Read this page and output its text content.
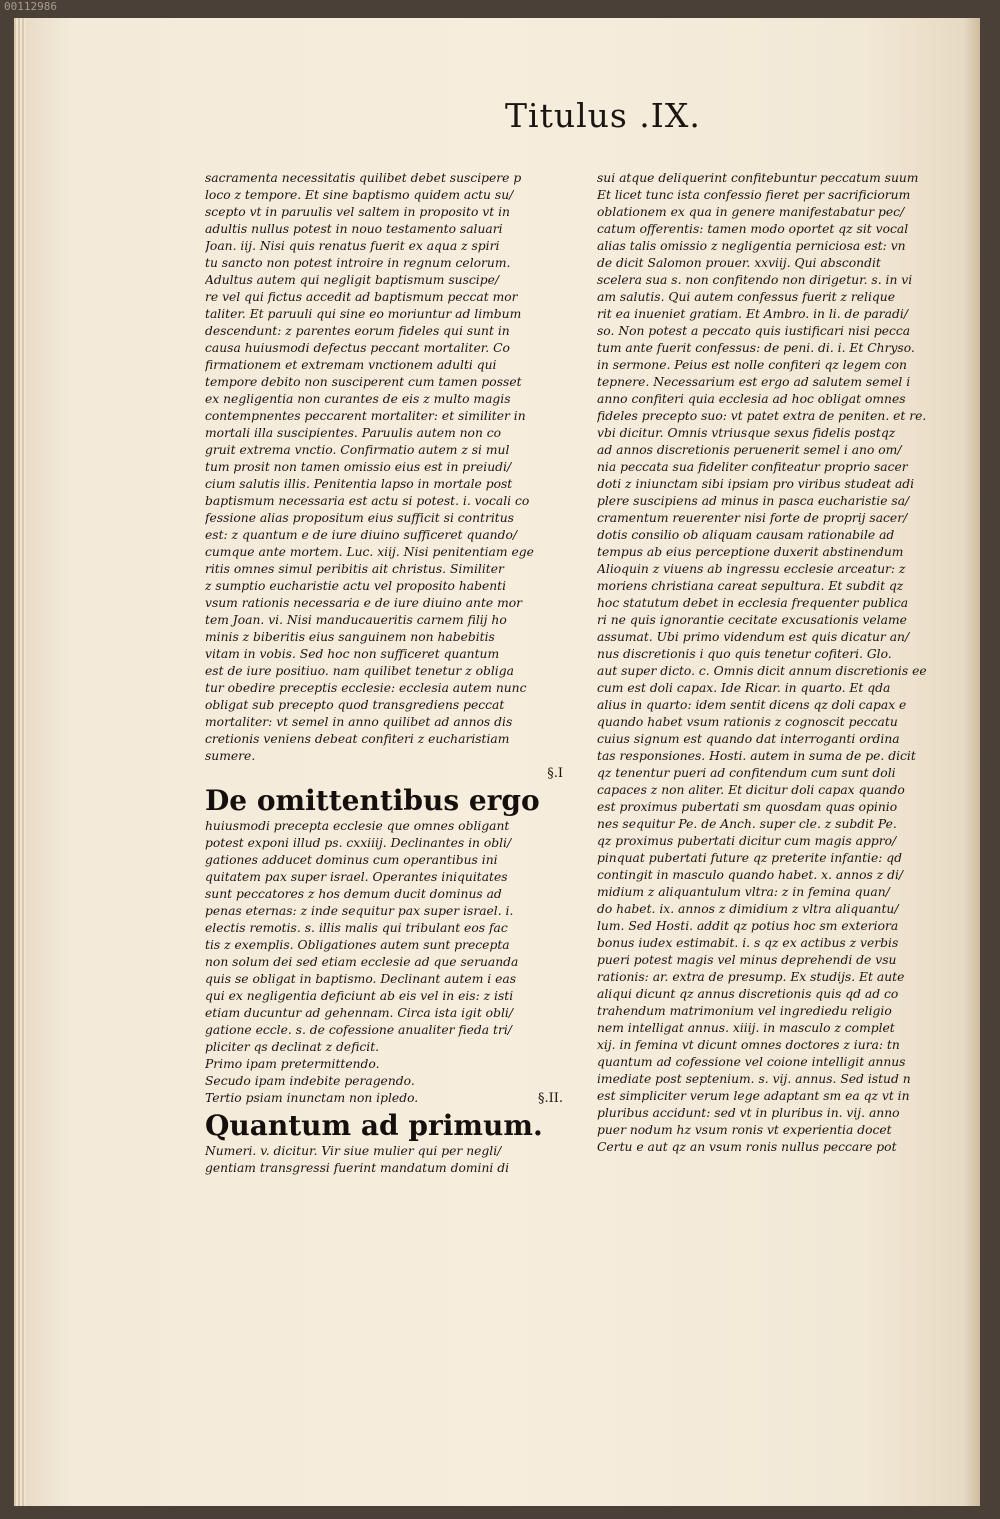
00112986
Titulus .IX.
sacramenta necessitatis quilibet debet suscipere p
loco z tempore. Et sine baptismo quidem actu su/
scepto vt in paruulis vel saltem in proposito vt in
adultis nullus potest in nouo testamento saluari
Joan. iij. Nisi quis renatus fuerit ex aqua z spiri
tu sancto non potest introire in regnum celorum.
Adultus autem qui negligit baptismum suscipe/
re vel qui fictus accedit ad baptismum peccat mor
taliter. Et paruuli qui sine eo moriuntur ad limbum
descendunt: z parentes eorum fideles qui sunt in
causa huiusmodi defectus peccant mortaliter. Co
firmationem et extremam vnctionem adulti qui
tempore debito non susciperent cum tamen posset
ex negligentia non curantes de eis z multo magis
contempnentes peccarent mortaliter: et similiter in
mortali illa suscipientes. Paruulis autem non co
gruit extrema vnctio. Confirmatio autem z si mul
tum prosit non tamen omissio eius est in preiudi/
cium salutis illis. Penitentia lapso in mortale post
baptismum necessaria est actu si potest. i. vocali co
fessione alias propositum eius sufficit si contritus
est: z quantum e de iure diuino sufficeret quando/
cumque ante mortem. Luc. xiij. Nisi penitentiam ege
ritis omnes simul peribitis ait christus. Similiter
z sumptio eucharistie actu vel proposito habenti
vsum rationis necessaria e de iure diuino ante mor
tem Joan. vi. Nisi manducaueritis carnem filij ho
minis z biberitis eius sanguinem non habebitis
vitam in vobis. Sed hoc non sufficeret quantum
est de iure positiuo. nam quilibet tenetur z obliga
tur obedire preceptis ecclesie: ecclesia autem nunc
obligat sub precepto quod transgrediens peccat
mortaliter: vt semel in anno quilibet ad annos dis
cretionis veniens debeat confiteri z eucharistiam
sumere.
§.I
De omittentibus ergo
huiusmodi precepta ecclesie que omnes obligant
potest exponi illud ps. cxxiiij. Declinantes in obli/
gationes adducet dominus cum operantibus ini
quitatem pax super israel. Operantes iniquitates
sunt peccatores z hos demum ducit dominus ad
penas eternas: z inde sequitur pax super israel. i.
electis remotis. s. illis malis qui tribulant eos fac
tis z exemplis. Obligationes autem sunt precepta
non solum dei sed etiam ecclesie ad que seruanda
quis se obligat in baptismo. Declinant autem i eas
qui ex negligentia deficiunt ab eis vel in eis: z isti
etiam ducuntur ad gehennam. Circa ista igit obli/
gatione eccle. s. de cofessione anualiter fieda tri/
pliciter qs declinat z deficit.
Primo ipam pretermittendo.
Secudo ipam indebite peragendo.
Tertio psiam inunctam non ipledo.	§.II.
Quantum ad primum.
Numeri. v. dicitur. Vir siue mulier qui per negli/
gentiam transgressi fuerint mandatum domini di
sui atque deliquerint confitebuntur peccatum suum
Et licet tunc ista confessio fieret per sacrificiorum
oblationem ex qua in genere manifestabatur pec/
catum offerentis: tamen modo oportet qz sit vocal
alias talis omissio z negligentia perniciosa est: vn
de dicit Salomon prouer. xxviij. Qui abscondit
scelera sua s. non confitendo non dirigetur. s. in vi
am salutis. Qui autem confessus fuerit z relique
rit ea inueniet gratiam. Et Ambro. in li. de paradi/
so. Non potest a peccato quis iustificari nisi pecca
tum ante fuerit confessus: de peni. di. i. Et Chryso.
in sermone. Peius est nolle confiteri qz legem con
tepnere. Necessarium est ergo ad salutem semel i
anno confiteri quia ecclesia ad hoc obligat omnes
fideles precepto suo: vt patet extra de peniten. et re.
vbi dicitur. Omnis vtriusque sexus fidelis postqz
ad annos discretionis peruenerit semel i ano om/
nia peccata sua fideliter confiteatur proprio sacer
doti z iniunctam sibi ipsiam pro viribus studeat adi
plere suscipiens ad minus in pasca eucharistie sa/
cramentum reuerenter nisi forte de proprij sacer/
dotis consilio ob aliquam causam rationabile ad
tempus ab eius perceptione duxerit abstinendum
Alioquin z viuens ab ingressu ecclesie arceatur: z
moriens christiana careat sepultura. Et subdit qz
hoc statutum debet in ecclesia frequenter publica
ri ne quis ignorantie cecitate excusationis velame
assumat. Ubi primo videndum est quis dicatur an/
nus discretionis i quo quis tenetur cofiteri. Glo.
aut super dicto. c. Omnis dicit annum discretionis ee
cum est doli capax. Ide Ricar. in quarto. Et qda
alius in quarto: idem sentit dicens qz doli capax e
quando habet vsum rationis z cognoscit peccatu
cuius signum est quando dat interroganti ordina
tas responsiones. Hosti. autem in suma de pe. dicit
qz tenentur pueri ad confitendum cum sunt doli
capaces z non aliter. Et dicitur doli capax quando
est proximus pubertati sm quosdam quas opinio
nes sequitur Pe. de Anch. super cle. z subdit Pe.
qz proximus pubertati dicitur cum magis appro/
pinquat pubertati future qz preterite infantie: qd
contingit in masculo quando habet. x. annos z di/
midium z aliquantulum vltra: z in femina quan/
do habet. ix. annos z dimidium z vltra aliquantu/
lum. Sed Hosti. addit qz potius hoc sm exteriora
bonus iudex estimabit. i. s qz ex actibus z verbis
pueri potest magis vel minus deprehendi de vsu
rationis: ar. extra de presump. Ex studijs. Et aute
aliqui dicunt qz annus discretionis quis qd ad co
trahendum matrimonium vel ingrediedu religio
nem intelligat annus. xiiij. in masculo z complet
xij. in femina vt dicunt omnes doctores z iura: tn
quantum ad cofessione vel coione intelligit annus
imediate post septenium. s. vij. annus. Sed istud n
est simpliciter verum lege adaptant sm ea qz vt in
pluribus accidunt: sed vt in pluribus in. vij. anno
puer nodum hz vsum ronis vt experientia docet
Certu e aut qz an vsum ronis nullus peccare pot
